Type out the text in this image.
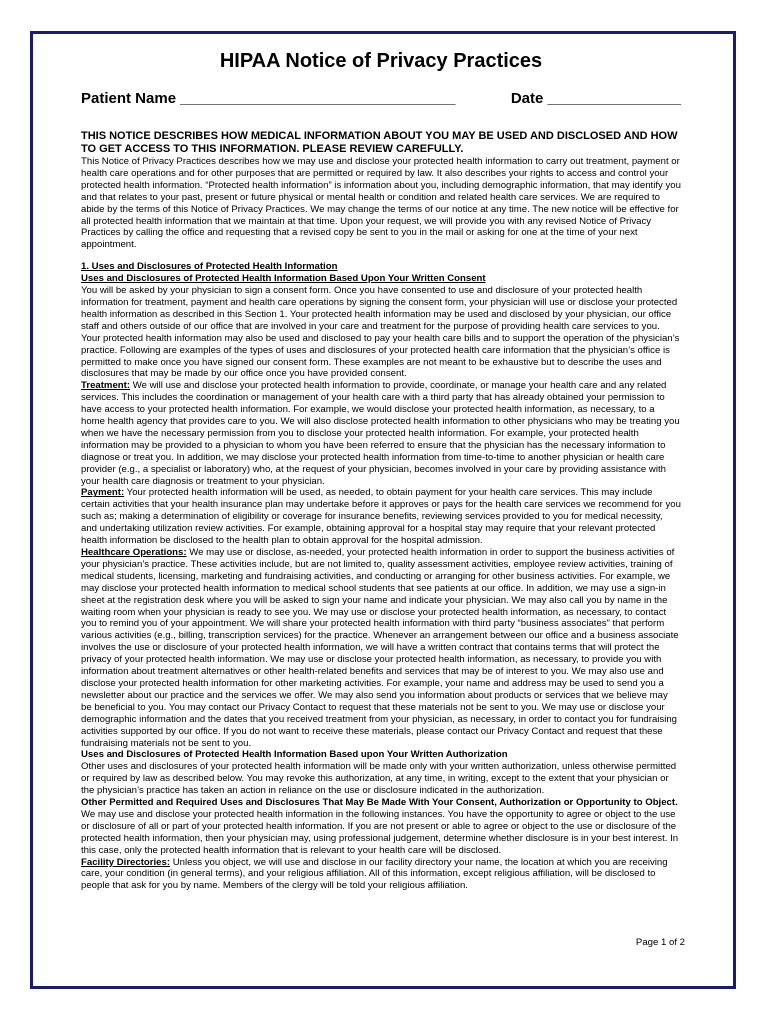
HIPAA Notice of Privacy Practices
Patient Name _________________________________	Date ________________
THIS NOTICE DESCRIBES HOW MEDICAL INFORMATION ABOUT YOU MAY BE USED AND DISCLOSED AND HOW TO GET ACCESS TO THIS INFORMATION. PLEASE REVIEW CAREFULLY.

This Notice of Privacy Practices describes how we may use and disclose your protected health information to carry out treatment, payment or health care operations and for other purposes that are permitted or required by law. It also describes your rights to access and control your protected health information. “Protected health information” is information about you, including demographic information, that may identify you and that relates to your past, present or future physical or mental health or condition and related health care services. We are required to abide by the terms of this Notice of Privacy Practices. We may change the terms of our notice at any time. The new notice will be effective for all protected health information that we maintain at that time. Upon your request, we will provide you with any revised Notice of Privacy Practices by calling the office and requesting that a revised copy be sent to you in the mail or asking for one at the time of your next appointment.

1. Uses and Disclosures of Protected Health Information

Uses and Disclosures of Protected Health Information Based Upon Your Written Consent

You will be asked by your physician to sign a consent form. Once you have consented to use and disclosure of your protected health information for treatment, payment and health care operations by signing the consent form, your physician will use or disclose your protected health information as described in this Section 1. Your protected health information may be used and disclosed by your physician, our office staff and others outside of our office that are involved in your care and treatment for the purpose of providing health care services to you. Your protected health information may also be used and disclosed to pay your health care bills and to support the operation of the physician’s practice. Following are examples of the types of uses and disclosures of your protected health care information that the physician’s office is permitted to make once you have signed our consent form. These examples are not meant to be exhaustive but to describe the uses and disclosures that may be made by our office once you have provided consent.

Treatment: We will use and disclose your protected health information to provide, coordinate, or manage your health care and any related services. This includes the coordination or management of your health care with a third party that has already obtained your permission to have access to your protected health information. For example, we would disclose your protected health information, as necessary, to a home health agency that provides care to you. We will also disclose protected health information to other physicians who may be treating you when we have the necessary permission from you to disclose your protected health information. For example, your protected health information may be provided to a physician to whom you have been referred to ensure that the physician has the necessary information to diagnose or treat you. In addition, we may disclose your protected health information from time-to-time to another physician or health care provider (e.g., a specialist or laboratory) who, at the request of your physician, becomes involved in your care by providing assistance with your health care diagnosis or treatment to your physician.

Payment: Your protected health information will be used, as needed, to obtain payment for your health care services. This may include certain activities that your health insurance plan may undertake before it approves or pays for the health care services we recommend for you such as; making a determination of eligibility or coverage for insurance benefits, reviewing services provided to you for medical necessity, and undertaking utilization review activities. For example, obtaining approval for a hospital stay may require that your relevant protected health information be disclosed to the health plan to obtain approval for the hospital admission.

Healthcare Operations: We may use or disclose, as-needed, your protected health information in order to support the business activities of your physician’s practice. These activities include, but are not limited to, quality assessment activities, employee review activities, training of medical students, licensing, marketing and fundraising activities, and conducting or arranging for other business activities. For example, we may disclose your protected health information to medical school students that see patients at our office. In addition, we may use a sign-in sheet at the registration desk where you will be asked to sign your name and indicate your physician. We may also call you by name in the waiting room when your physician is ready to see you. We may use or disclose your protected health information, as necessary, to contact you to remind you of your appointment. We will share your protected health information with third party “business associates” that perform various activities (e.g., billing, transcription services) for the practice. Whenever an arrangement between our office and a business associate involves the use or disclosure of your protected health information, we will have a written contract that contains terms that will protect the privacy of your protected health information. We may use or disclose your protected health information, as necessary, to provide you with information about treatment alternatives or other health-related benefits and services that may be of interest to you. We may also use and disclose your protected health information for other marketing activities. For example, your name and address may be used to send you a newsletter about our practice and the services we offer. We may also send you information about products or services that we believe may be beneficial to you. You may contact our Privacy Contact to request that these materials not be sent to you. We may use or disclose your demographic information and the dates that you received treatment from your physician, as necessary, in order to contact you for fundraising activities supported by our office. If you do not want to receive these materials, please contact our Privacy Contact and request that these fundraising materials not be sent to you.

Uses and Disclosures of Protected Health Information Based upon Your Written Authorization

Other uses and disclosures of your protected health information will be made only with your written authorization, unless otherwise permitted or required by law as described below. You may revoke this authorization, at any time, in writing, except to the extent that your physician or the physician’s practice has taken an action in reliance on the use or disclosure indicated in the authorization.

Other Permitted and Required Uses and Disclosures That May Be Made With Your Consent, Authorization or Opportunity to Object.

We may use and disclose your protected health information in the following instances. You have the opportunity to agree or object to the use or disclosure of all or part of your protected health information. If you are not present or able to agree or object to the use or disclosure of the protected health information, then your physician may, using professional judgement, determine whether disclosure is in your best interest. In this case, only the protected health information that is relevant to your health care will be disclosed.

Facility Directories: Unless you object, we will use and disclose in our facility directory your name, the location at which you are receiving care, your condition (in general terms), and your religious affiliation. All of this information, except religious affiliation, will be disclosed to people that ask for you by name. Members of the clergy will be told your religious affiliation.

Page 1 of 2
